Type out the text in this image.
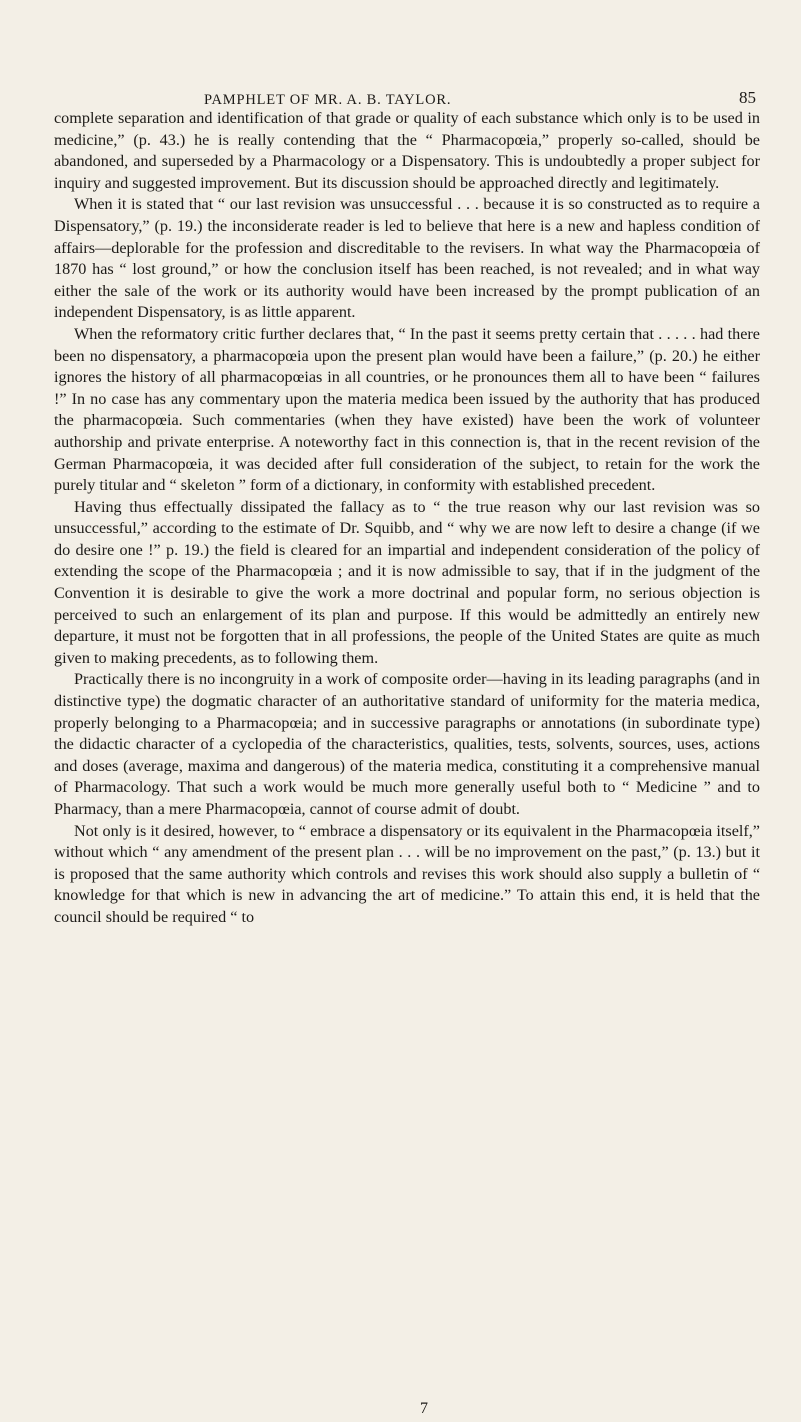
PAMPHLET OF MR. A. B. TAYLOR.	85

complete separation and identification of that grade or quality of each substance which only is to be used in medicine,” (p. 43.) he is really contending that the “ Pharmacopœia,” properly so-called, should be abandoned, and superseded by a Pharmacology or a Dispensatory. This is undoubtedly a proper subject for inquiry and suggested improvement. But its discussion should be approached directly and legitimately.

When it is stated that “ our last revision was unsuccessful . . . because it is so constructed as to require a Dispensatory,” (p. 19.) the inconsiderate reader is led to believe that here is a new and hapless condition of affairs—deplorable for the profession and discreditable to the revisers. In what way the Pharmacopœia of 1870 has “ lost ground,” or how the conclusion itself has been reached, is not revealed; and in what way either the sale of the work or its authority would have been increased by the prompt publication of an independent Dispensatory, is as little apparent.

When the reformatory critic further declares that, “ In the past it seems pretty certain that . . . . . had there been no dispensatory, a pharmacopœia upon the present plan would have been a failure,” (p. 20.) he either ignores the history of all pharmacopœias in all countries, or he pronounces them all to have been “ failures !” In no case has any commentary upon the materia medica been issued by the authority that has produced the pharmacopœia. Such commentaries (when they have existed) have been the work of volunteer authorship and private enterprise. A noteworthy fact in this connection is, that in the recent revision of the German Pharmacopœia, it was decided after full consideration of the subject, to retain for the work the purely titular and “ skeleton ” form of a dictionary, in conformity with established precedent.

Having thus effectually dissipated the fallacy as to “ the true reason why our last revision was so unsuccessful,” according to the estimate of Dr. Squibb, and “ why we are now left to desire a change (if we do desire one !” p. 19.) the field is cleared for an impartial and independent consideration of the policy of extending the scope of the Pharmacopœia ; and it is now admissible to say, that if in the judgment of the Convention it is desirable to give the work a more doctrinal and popular form, no serious objection is perceived to such an enlargement of its plan and purpose. If this would be admittedly an entirely new departure, it must not be forgotten that in all professions, the people of the United States are quite as much given to making precedents, as to following them.

Practically there is no incongruity in a work of composite order—having in its leading paragraphs (and in distinctive type) the dogmatic character of an authoritative standard of uniformity for the materia medica, properly belonging to a Pharmacopœia; and in successive paragraphs or annotations (in subordinate type) the didactic character of a cyclopedia of the characteristics, qualities, tests, solvents, sources, uses, actions and doses (average, maxima and dangerous) of the materia medica, constituting it a comprehensive manual of Pharmacology. That such a work would be much more generally useful both to “ Medicine ” and to Pharmacy, than a mere Pharmacopœia, cannot of course admit of doubt.

Not only is it desired, however, to “ embrace a dispensatory or its equivalent in the Pharmacopœia itself,” without which “ any amendment of the present plan . . . will be no improvement on the past,” (p. 13.) but it is proposed that the same authority which controls and revises this work should also supply a bulletin of “ knowledge for that which is new in advancing the art of medicine.” To attain this end, it is held that the council should be required “ to

7
